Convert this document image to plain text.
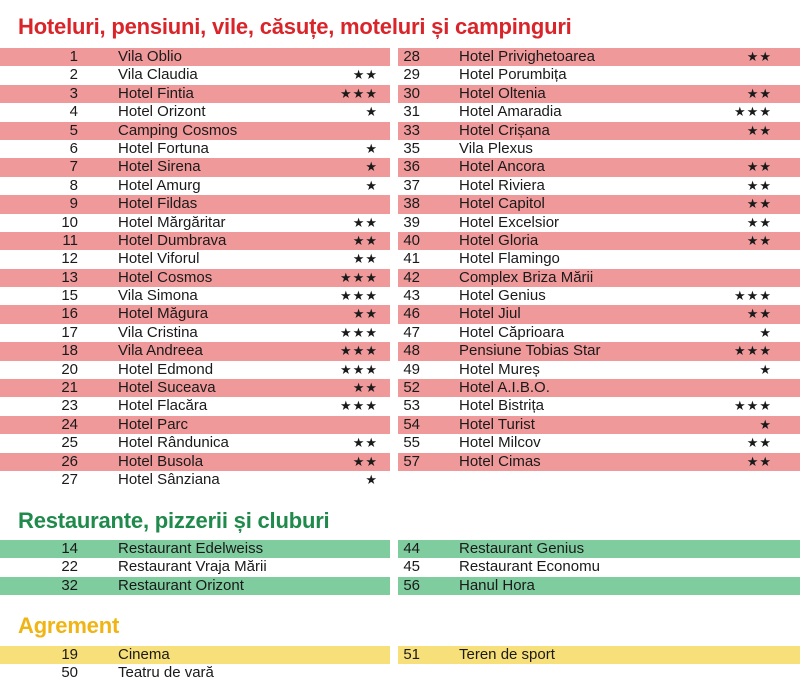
Hoteluri, pensiuni, vile, căsuțe, moteluri și campinguri
1	Vila Oblio
2	Vila Claudia	★★
3	Hotel Fintia	★★★
4	Hotel Orizont	★
5	Camping Cosmos
6	Hotel Fortuna	★
7	Hotel Sirena	★
8	Hotel Amurg	★
9	Hotel Fildas
10	Hotel Mărgăritar	★★
11	Hotel Dumbrava	★★
12	Hotel Viforul	★★
13	Hotel Cosmos	★★★
15	Vila Simona	★★★
16	Hotel Măgura	★★
17	Vila Cristina	★★★
18	Vila Andreea	★★★
20	Hotel Edmond	★★★
21	Hotel Suceava	★★
23	Hotel Flacăra	★★★
24	Hotel Parc
25	Hotel Rândunica	★★
26	Hotel Busola	★★
27	Hotel Sânziana	★
28	Hotel Privighetoarea	★★
29	Hotel Porumbița
30	Hotel Oltenia	★★
31	Hotel Amaradia	★★★
33	Hotel Crișana	★★
35	Vila Plexus
36	Hotel Ancora	★★
37	Hotel Riviera	★★
38	Hotel Capitol	★★
39	Hotel Excelsior	★★
40	Hotel Gloria	★★
41	Hotel Flamingo
42	Complex Briza Mării
43	Hotel Genius	★★★
46	Hotel Jiul	★★
47	Hotel Căprioara	★
48	Pensiune Tobias Star	★★★
49	Hotel Mureș	★
52	Hotel A.I.B.O.
53	Hotel Bistrița	★★★
54	Hotel Turist	★
55	Hotel Milcov	★★
57	Hotel Cimas	★★
Restaurante, pizzerii și cluburi
14	Restaurant Edelweiss
22	Restaurant Vraja Mării
32	Restaurant Orizont
44	Restaurant Genius
45	Restaurant Economu
56	Hanul Hora
Agrement
19	Cinema
50	Teatru de vară
51	Teren de sport
